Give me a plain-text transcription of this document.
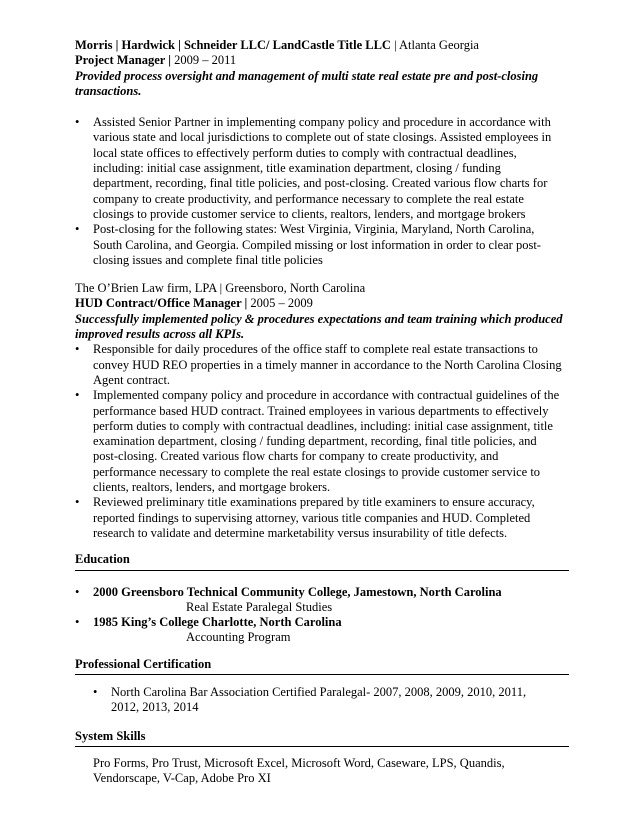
Morris | Hardwick | Schneider LLC/ LandCastle Title LLC | Atlanta Georgia
Project Manager | 2009 – 2011
Provided process oversight and management of multi state real estate pre and post-closing
transactions.
•	Assisted Senior Partner in implementing company policy and procedure in accordance with
various state and local jurisdictions to complete out of state closings. Assisted employees in
local state offices to effectively perform duties to comply with contractual deadlines,
including: initial case assignment, title examination department, closing / funding
department, recording, final title policies, and post-closing. Created various flow charts for
company to create productivity, and performance necessary to complete the real estate
closings to provide customer service to clients, realtors, lenders, and mortgage brokers
•	Post-closing for the following states: West Virginia, Virginia, Maryland, North Carolina,
South Carolina, and Georgia. Compiled missing or lost information in order to clear post-
closing issues and complete final title policies
The O’Brien Law firm, LPA | Greensboro, North Carolina
HUD Contract/Office Manager | 2005 – 2009
Successfully implemented policy & procedures expectations and team training which produced
improved results across all KPIs.
•	Responsible for daily procedures of the office staff to complete real estate transactions to
convey HUD REO properties in a timely manner in accordance to the North Carolina Closing
Agent contract.
•	Implemented company policy and procedure in accordance with contractual guidelines of the
performance based HUD contract. Trained employees in various departments to effectively
perform duties to comply with contractual deadlines, including: initial case assignment, title
examination department, closing / funding department, recording, final title policies, and
post-closing. Created various flow charts for company to create productivity, and
performance necessary to complete the real estate closings to provide customer service to
clients, realtors, lenders, and mortgage brokers.
•	Reviewed preliminary title examinations prepared by title examiners to ensure accuracy,
reported findings to supervising attorney, various title companies and HUD. Completed
research to validate and determine marketability versus insurability of title defects.
Education
•	2000 Greensboro Technical Community College, Jamestown, North Carolina
Real Estate Paralegal Studies
•	1985 King’s College Charlotte, North Carolina
Accounting Program
Professional Certification
•	North Carolina Bar Association Certified Paralegal- 2007, 2008, 2009, 2010, 2011,
2012, 2013, 2014
System Skills
Pro Forms, Pro Trust, Microsoft Excel, Microsoft Word, Caseware, LPS, Quandis,
Vendorscape, V-Cap, Adobe Pro XI
